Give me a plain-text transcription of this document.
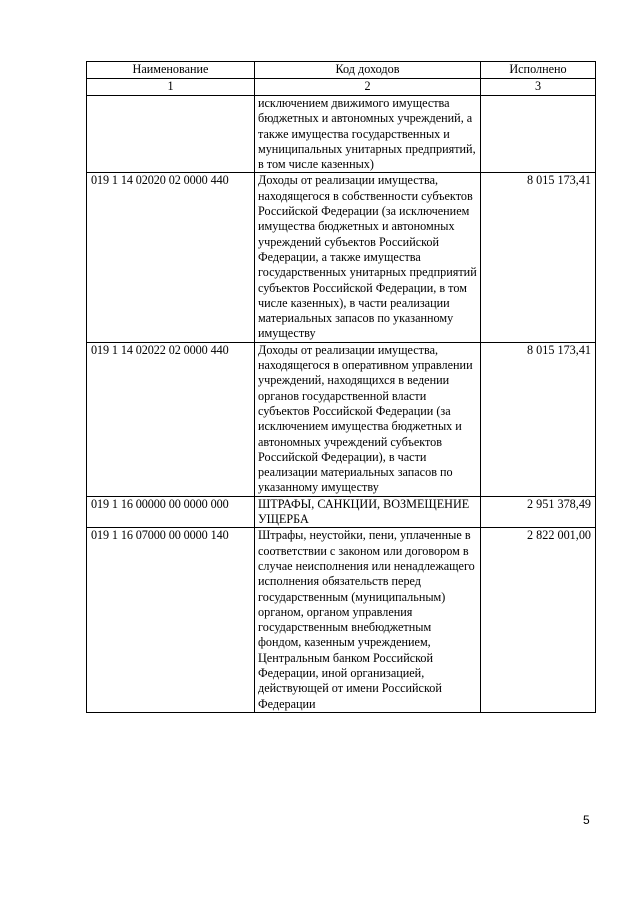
Наименование	Код доходов	Исполнено
1	2	3
	исключением движимого имущества бюджетных и автономных учреждений, а также имущества государственных и муниципальных унитарных предприятий, в том числе казенных)	
019 1 14 02020 02 0000 440	Доходы от реализации имущества, находящегося в собственности субъектов Российской Федерации (за исключением имущества бюджетных и автономных учреждений субъектов Российской Федерации, а также имущества государственных унитарных предприятий субъектов Российской Федерации, в том числе казенных), в части реализации материальных запасов по указанному имуществу	8 015 173,41
019 1 14 02022 02 0000 440	Доходы от реализации имущества, находящегося в оперативном управлении учреждений, находящихся в ведении органов государственной власти субъектов Российской Федерации (за исключением имущества бюджетных и автономных учреждений субъектов Российской Федерации), в части реализации материальных запасов по указанному имуществу	8 015 173,41
019 1 16 00000 00 0000 000	ШТРАФЫ, САНКЦИИ, ВОЗМЕЩЕНИЕ УЩЕРБА	2 951 378,49
019 1 16 07000 00 0000 140	Штрафы, неустойки, пени, уплаченные в соответствии с законом или договором в случае неисполнения или ненадлежащего исполнения обязательств перед государственным (муниципальным) органом, органом управления государственным внебюджетным фондом, казенным учреждением, Центральным банком Российской Федерации, иной организацией, действующей от имени Российской Федерации	2 822 001,00
5
